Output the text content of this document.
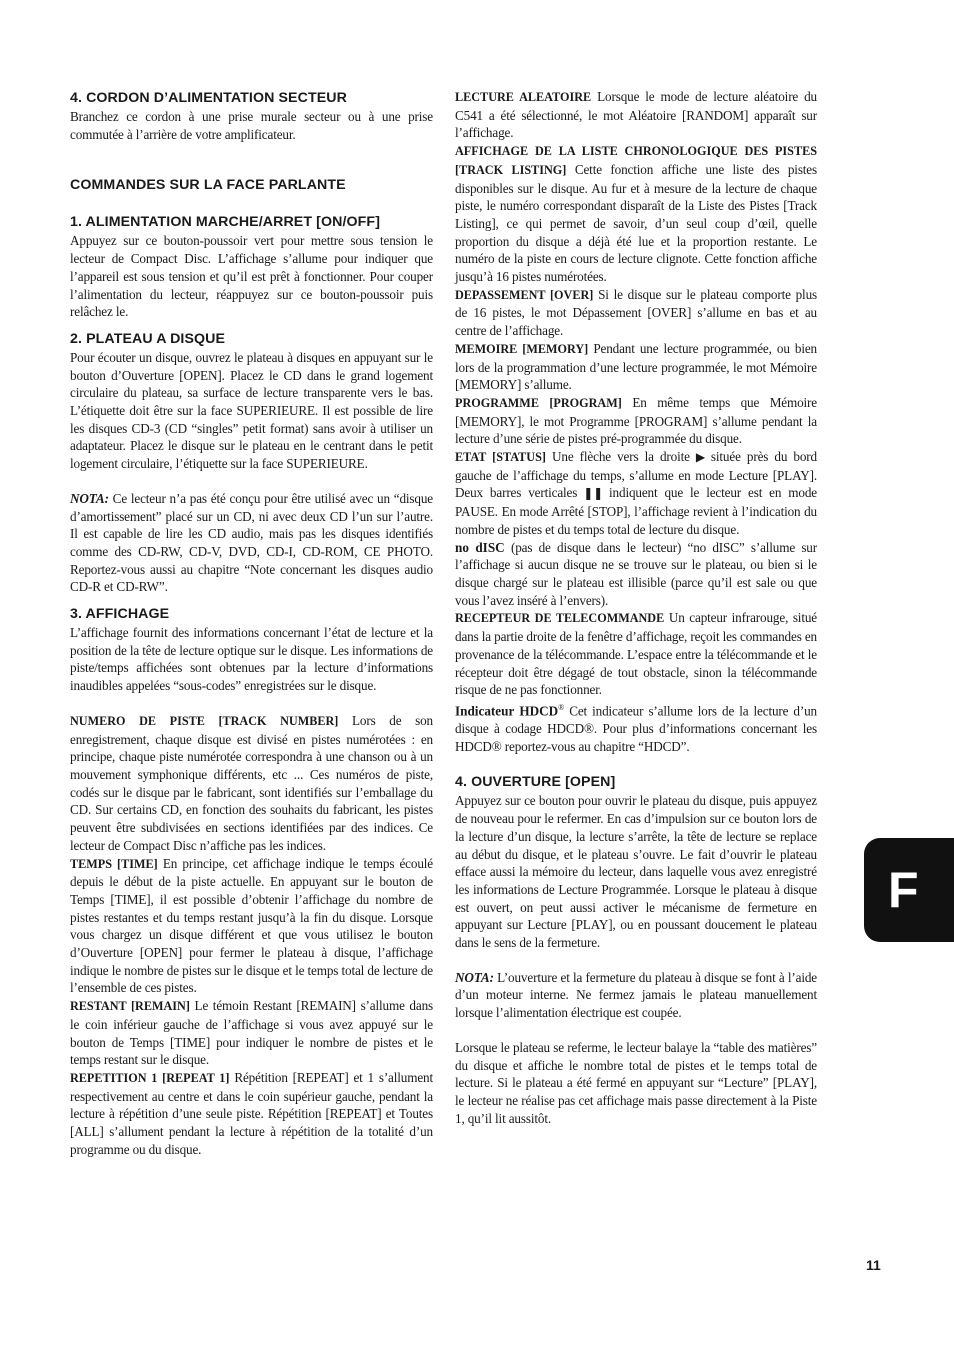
4. CORDON D’ALIMENTATION SECTEUR

Branchez ce cordon à une prise murale secteur ou à une prise commutée à l’arrière de votre amplificateur.

COMMANDES SUR LA FACE PARLANTE
1. ALIMENTATION MARCHE/ARRET [ON/OFF]

Appuyez sur ce bouton-poussoir vert pour mettre sous tension le lecteur de Compact Disc. L’affichage s’allume pour indiquer que l’appareil est sous tension et qu’il est prêt à fonctionner. Pour couper l’alimentation du lecteur, réappuyez sur ce bouton-poussoir puis relâchez le.

2. PLATEAU A DISQUE

Pour écouter un disque, ouvrez le plateau à disques en appuyant sur le bouton d’Ouverture [OPEN]. Placez le CD dans le grand logement circulaire du plateau, sa surface de lecture transparente vers le bas. L’étiquette doit être sur la face SUPERIEURE. Il est possible de lire les disques CD-3 (CD “singles” petit format) sans avoir à utiliser un adaptateur. Placez le disque sur le plateau en le centrant dans le petit logement circulaire, l’étiquette sur la face SUPERIEURE.

NOTA: Ce lecteur n’a pas été conçu pour être utilisé avec un “disque d’amortissement” placé sur un CD, ni avec deux CD l’un sur l’autre. Il est capable de lire les CD audio, mais pas les disques identifiés comme des CD-RW, CD-V, DVD, CD-I, CD-ROM, CE PHOTO. Reportez-vous aussi au chapitre “Note concernant les disques audio CD-R et CD-RW”.

3. AFFICHAGE

L’affichage fournit des informations concernant l’état de lecture et la position de la tête de lecture optique sur le disque. Les informations de piste/temps affichées sont obtenues par la lecture d’informations inaudibles appelées “sous-codes” enregistrées sur le disque.

NUMERO DE PISTE [TRACK NUMBER] Lors de son enregistrement, chaque disque est divisé en pistes numérotées : en principe, chaque piste numérotée correspondra à une chanson ou à un mouvement symphonique différents, etc ... Ces numéros de piste, codés sur le disque par le fabricant, sont identifiés sur l’emballage du CD. Sur certains CD, en fonction des souhaits du fabricant, les pistes peuvent être subdivisées en sections identifiées par des indices. Ce lecteur de Compact Disc n’affiche pas les indices.

TEMPS [TIME] En principe, cet affichage indique le temps écoulé depuis le début de la piste actuelle. En appuyant sur le bouton de Temps [TIME], il est possible d’obtenir l’affichage du nombre de pistes restantes et du temps restant jusqu’à la fin du disque. Lorsque vous chargez un disque différent et que vous utilisez le bouton d’Ouverture [OPEN] pour fermer le plateau à disque, l’affichage indique le nombre de pistes sur le disque et le temps total de lecture de l’ensemble de ces pistes.

RESTANT [REMAIN] Le témoin Restant [REMAIN] s’allume dans le coin inférieur gauche de l’affichage si vous avez appuyé sur le bouton de Temps [TIME] pour indiquer le nombre de pistes et le temps restant sur le disque.

REPETITION 1 [REPEAT 1] Répétition [REPEAT] et 1 s’allument respectivement au centre et dans le coin supérieur gauche, pendant la lecture à répétition d’une seule piste. Répétition [REPEAT] et Toutes [ALL] s’allument pendant la lecture à répétition de la totalité d’un programme ou du disque.

LECTURE ALEATOIRE Lorsque le mode de lecture aléatoire du C541 a été sélectionné, le mot Aléatoire [RANDOM] apparaît sur l’affichage.

AFFICHAGE DE LA LISTE CHRONOLOGIQUE DES PISTES [TRACK LISTING] Cette fonction affiche une liste des pistes disponibles sur le disque. Au fur et à mesure de la lecture de chaque piste, le numéro correspondant disparaît de la Liste des Pistes [Track Listing], ce qui permet de savoir, d’un seul coup d’œil, quelle proportion du disque a déjà été lue et la proportion restante. Le numéro de la piste en cours de lecture clignote. Cette fonction affiche jusqu’à 16 pistes numérotées.

DEPASSEMENT [OVER] Si le disque sur le plateau comporte plus de 16 pistes, le mot Dépassement [OVER] s’allume en bas et au centre de l’affichage.

MEMOIRE [MEMORY] Pendant une lecture programmée, ou bien lors de la programmation d’une lecture programmée, le mot Mémoire [MEMORY] s’allume.

PROGRAMME [PROGRAM] En même temps que Mémoire [MEMORY], le mot Programme [PROGRAM] s’allume pendant la lecture d’une série de pistes pré-programmée du disque.

ETAT [STATUS] Une flèche vers la droite ▶ située près du bord gauche de l’affichage du temps, s’allume en mode Lecture [PLAY]. Deux barres verticales ❚❚ indiquent que le lecteur est en mode PAUSE. En mode Arrêté [STOP], l’affichage revient à l’indication du nombre de pistes et du temps total de lecture du disque.

no dISC (pas de disque dans le lecteur) “no dISC” s’allume sur l’affichage si aucun disque ne se trouve sur le plateau, ou bien si le disque chargé sur le plateau est illisible (parce qu’il est sale ou que vous l’avez inséré à l’envers).

RECEPTEUR DE TELECOMMANDE Un capteur infrarouge, situé dans la partie droite de la fenêtre d’affichage, reçoit les commandes en provenance de la télécommande. L’espace entre la télécommande et le récepteur doit être dégagé de tout obstacle, sinon la télécommande risque de ne pas fonctionner.

Indicateur HDCD® Cet indicateur s’allume lors de la lecture d’un disque à codage HDCD®. Pour plus d’informations concernant les HDCD® reportez-vous au chapitre “HDCD”.

4. OUVERTURE [OPEN]

Appuyez sur ce bouton pour ouvrir le plateau du disque, puis appuyez de nouveau pour le refermer. En cas d’impulsion sur ce bouton lors de la lecture d’un disque, la lecture s’arrête, la tête de lecture se replace au début du disque, et le plateau s’ouvre. Le fait d’ouvrir le plateau efface aussi la mémoire du lecteur, dans laquelle vous avez enregistré les informations de Lecture Programmée. Lorsque le plateau à disque est ouvert, on peut aussi activer le mécanisme de fermeture en appuyant sur Lecture [PLAY], ou en poussant doucement le plateau dans le sens de la fermeture.

NOTA: L’ouverture et la fermeture du plateau à disque se font à l’aide d’un moteur interne. Ne fermez jamais le plateau manuellement lorsque l’alimentation électrique est coupée.

Lorsque le plateau se referme, le lecteur balaye la “table des matières” du disque et affiche le nombre total de pistes et le temps total de lecture. Si le plateau a été fermé en appuyant sur “Lecture” [PLAY], le lecteur ne réalise pas cet affichage mais passe directement à la Piste 1, qu’il lit aussitôt.

F
11
